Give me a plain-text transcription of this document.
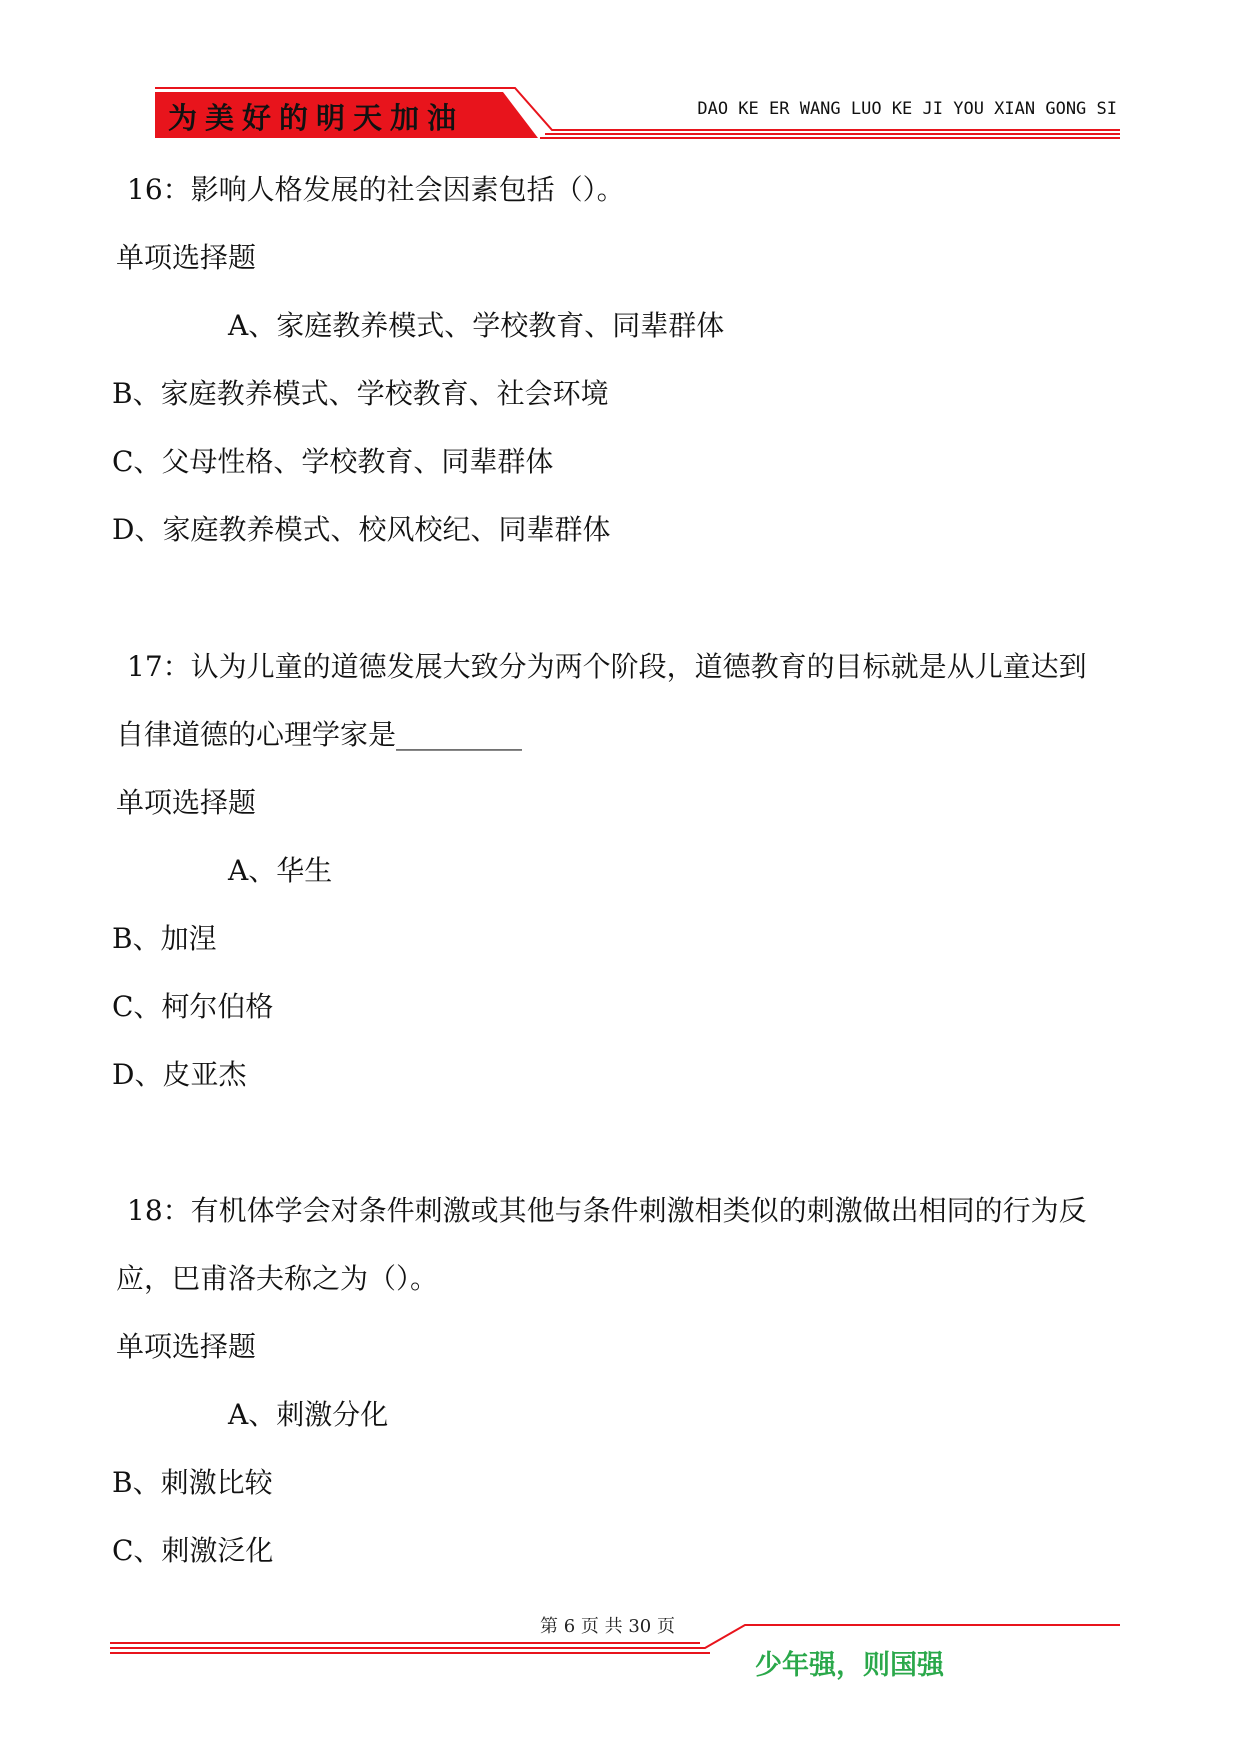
为美好的明天加油	DAO KE ER WANG LUO KE JI YOU XIAN GONG SI
16：影响人格发展的社会因素包括（）。
单项选择题
A、家庭教养模式、学校教育、同辈群体
B、家庭教养模式、学校教育、社会环境
C、父母性格、学校教育、同辈群体
D、家庭教养模式、校风校纪、同辈群体
17：认为儿童的道德发展大致分为两个阶段，道德教育的目标就是从儿童达到
自律道德的心理学家是_________
单项选择题
A、华生
B、加涅
C、柯尔伯格
D、皮亚杰
18：有机体学会对条件刺激或其他与条件刺激相类似的刺激做出相同的行为反
应，巴甫洛夫称之为（）。
单项选择题
A、刺激分化
B、刺激比较
C、刺激泛化
第 6 页 共 30 页
少年强，则国强
